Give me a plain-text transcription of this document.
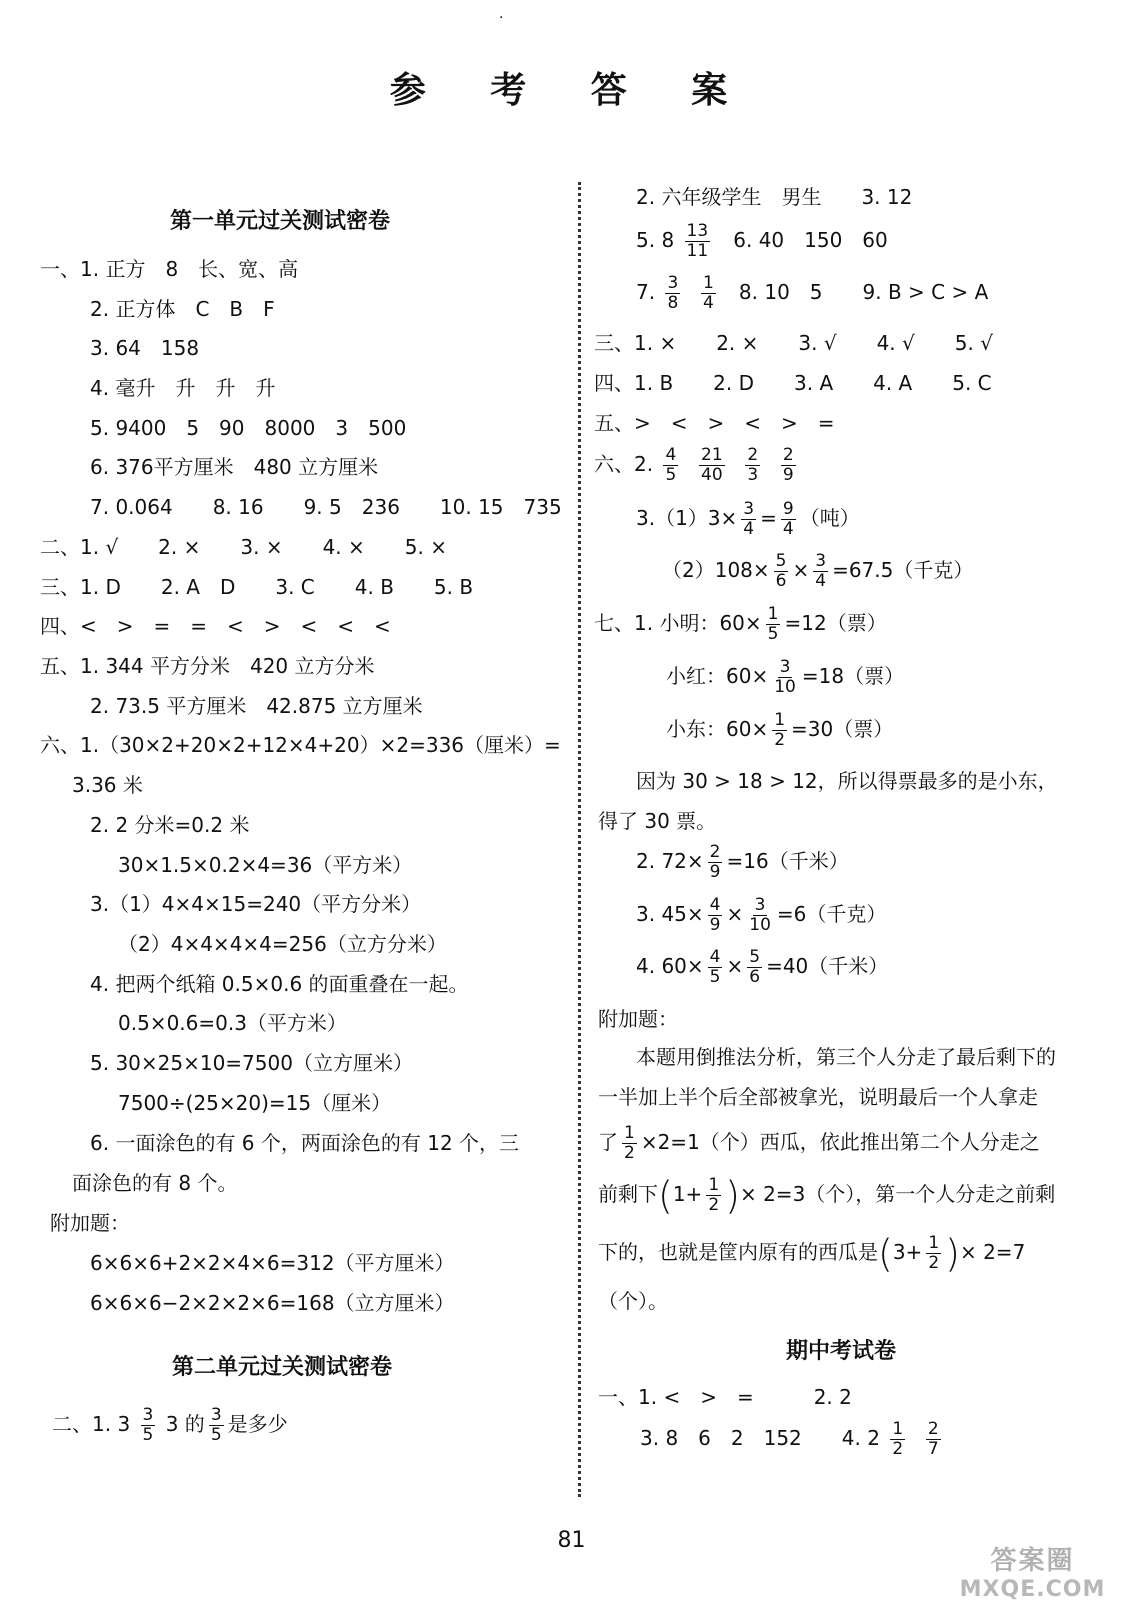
·
参 考 答 案
第一单元过关测试密卷
一、1. 正方　8　长、宽、高
2. 正方体　C　B　F
3. 64　158
4. 毫升　升　升　升
5. 9400　5　90　8000　3　500
6. 376平方厘米　480 立方厘米
7. 0.064　　8. 16　　9. 5　236　　10. 15　735
二、1. √　　2. ×　　3. ×　　4. ×　　5. ×
三、1. D　　2. A　D　　3. C　　4. B　　5. B
四、<　>　=　=　<　>　<　<　<
五、1. 344 平方分米　420 立方分米
2. 73.5 平方厘米　42.875 立方厘米
六、1.（30×2+20×2+12×4+20）×2=336（厘米）=
3.36 米
2. 2 分米=0.2 米
30×1.5×0.2×4=36（平方米）
3.（1）4×4×15=240（平方分米）
（2）4×4×4×4=256（立方分米）
4. 把两个纸箱 0.5×0.6 的面重叠在一起。
0.5×0.6=0.3（平方米）
5. 30×25×10=7500（立方厘米）
7500÷(25×20)=15（厘米）
6. 一面涂色的有 6 个，两面涂色的有 12 个，三
面涂色的有 8 个。
附加题：
6×6×6+2×2×4×6=312（平方厘米）
6×6×6−2×2×2×6=168（立方厘米）
第二单元过关测试密卷
二、1. $3 \frac{3}{5} 3$ 的 $\frac{3}{5}$ 是多少
2. 六年级学生　男生　　3. 12
5. $8 \frac{13}{11} 6$. 40　150　60
7. $\frac{3}{8}$
$\frac{1}{4} 8$. 10　5　　9. B > C > A
三、1. ×　　2. ×　　3. √　　4. √　　5. √
四、1. B　　2. D　　3. A　　4. A　　5. C
五、>　<　>　<　>　=
六、2. $\frac{4}{5}$
$\frac{21}{40}$
$\frac{2}{3}$
$\frac{2}{9}$
$3.(1)3\times \frac{3}{4} = \frac{9}{4}$ （吨）
$(2)108\times \frac{5}{6} \times \frac{3}{4} =67.5$（千克）
七、1. 小明：$60\times \frac{1}{5} =12$（票）
小红：$60\times \frac{3}{10} =18$（票）
小东：$60\times \frac{1}{2} =30$（票）
因为 30 > 18 > 12，所以得票最多的是小东，
得了 30 票。
2. $72\times \frac{2}{9} =16$（千米）
3. $45\times \frac{4}{9} \times \frac{3}{10} =6$（千克）
4. $60\times \frac{4}{5} \times \frac{5}{6} =40$（千米）
附加题：
本题用倒推法分析，第三个人分走了最后剩下的
一半加上半个后全部被拿光，说明最后一个人拿走
了 $\frac{1}{2} \times 2=1$（个）西瓜，依此推出第二个人分走之
前剩下($1+ \frac{1}{2}$ )× 2=3（个），第一个人分走之前剩
下的，也就是筐内原有的西瓜是($3+ \frac{1}{2}$ )× 2=7
（个）。
期中考试卷
一、1. <　>　=　　　2. 2
3. 8　6　2　152　　4. $2 \frac{1}{2}$
$\frac{2}{7}$
81
答案圈
MXQE.COM
